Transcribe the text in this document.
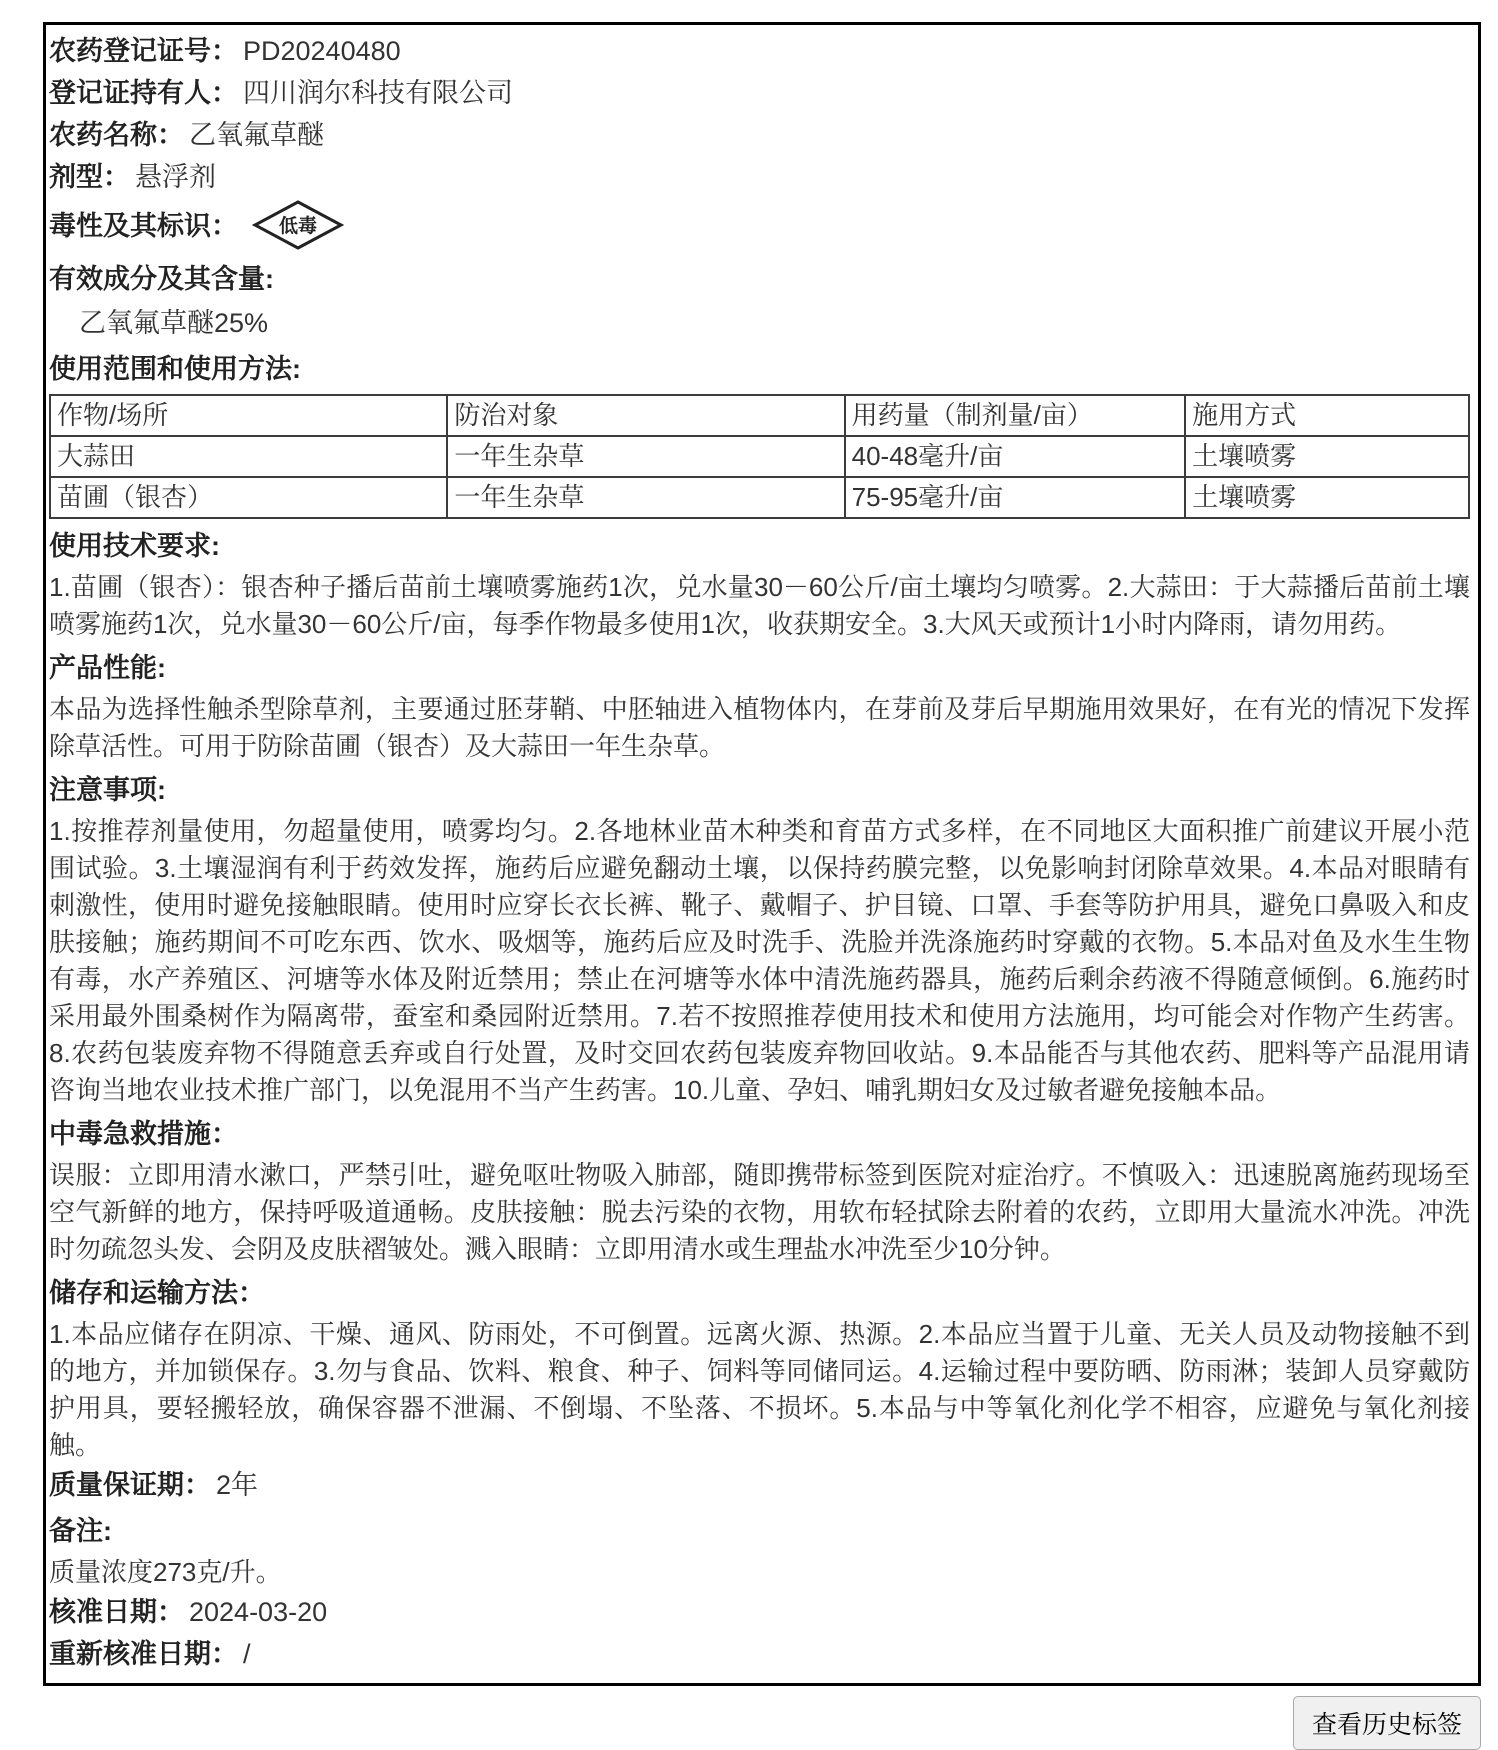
农药登记证号： PD20240480

登记证持有人： 四川润尔科技有限公司

农药名称： 乙氧氟草醚

剂型： 悬浮剂

毒性及其标识： 低毒

有效成分及其含量:

乙氧氟草醚25%

使用范围和使用方法:
作物/场所	防治对象	用药量（制剂量/亩）	施用方式
大蒜田	一年生杂草	40-48毫升/亩	土壤喷雾
苗圃（银杏）	一年生杂草	75-95毫升/亩	土壤喷雾
使用技术要求:

1.苗圃（银杏）：银杏种子播后苗前土壤喷雾施药1次，兑水量30－60公斤/亩土壤均匀喷雾。2.大蒜田：于大蒜播后苗前土壤喷雾施药1次，兑水量30－60公斤/亩，每季作物最多使用1次，收获期安全。3.大风天或预计1小时内降雨，请勿用药。

产品性能:

本品为选择性触杀型除草剂，主要通过胚芽鞘、中胚轴进入植物体内，在芽前及芽后早期施用效果好，在有光的情况下发挥除草活性。可用于防除苗圃（银杏）及大蒜田一年生杂草。

注意事项:

1.按推荐剂量使用，勿超量使用，喷雾均匀。2.各地林业苗木种类和育苗方式多样，在不同地区大面积推广前建议开展小范围试验。3.土壤湿润有利于药效发挥，施药后应避免翻动土壤，以保持药膜完整，以免影响封闭除草效果。4.本品对眼睛有刺激性，使用时避免接触眼睛。使用时应穿长衣长裤、靴子、戴帽子、护目镜、口罩、手套等防护用具，避免口鼻吸入和皮肤接触；施药期间不可吃东西、饮水、吸烟等，施药后应及时洗手、洗脸并洗涤施药时穿戴的衣物。5.本品对鱼及水生生物有毒，水产养殖区、河塘等水体及附近禁用；禁止在河塘等水体中清洗施药器具，施药后剩余药液不得随意倾倒。6.施药时采用最外围桑树作为隔离带，蚕室和桑园附近禁用。7.若不按照推荐使用技术和使用方法施用，均可能会对作物产生药害。8.农药包装废弃物不得随意丢弃或自行处置，及时交回农药包装废弃物回收站。9.本品能否与其他农药、肥料等产品混用请咨询当地农业技术推广部门，以免混用不当产生药害。10.儿童、孕妇、哺乳期妇女及过敏者避免接触本品。

中毒急救措施：

误服：立即用清水漱口，严禁引吐，避免呕吐物吸入肺部，随即携带标签到医院对症治疗。不慎吸入：迅速脱离施药现场至空气新鲜的地方，保持呼吸道通畅。皮肤接触：脱去污染的衣物，用软布轻拭除去附着的农药，立即用大量流水冲洗。冲洗时勿疏忽头发、会阴及皮肤褶皱处。溅入眼睛：立即用清水或生理盐水冲洗至少10分钟。

储存和运输方法：

1.本品应储存在阴凉、干燥、通风、防雨处，不可倒置。远离火源、热源。2.本品应当置于儿童、无关人员及动物接触不到的地方，并加锁保存。3.勿与食品、饮料、粮食、种子、饲料等同储同运。4.运输过程中要防晒、防雨淋；装卸人员穿戴防护用具，要轻搬轻放，确保容器不泄漏、不倒塌、不坠落、不损坏。5.本品与中等氧化剂化学不相容，应避免与氧化剂接触。

质量保证期： 2年

备注:

质量浓度273克/升。

核准日期： 2024-03-20

重新核准日期： /

查看历史标签
